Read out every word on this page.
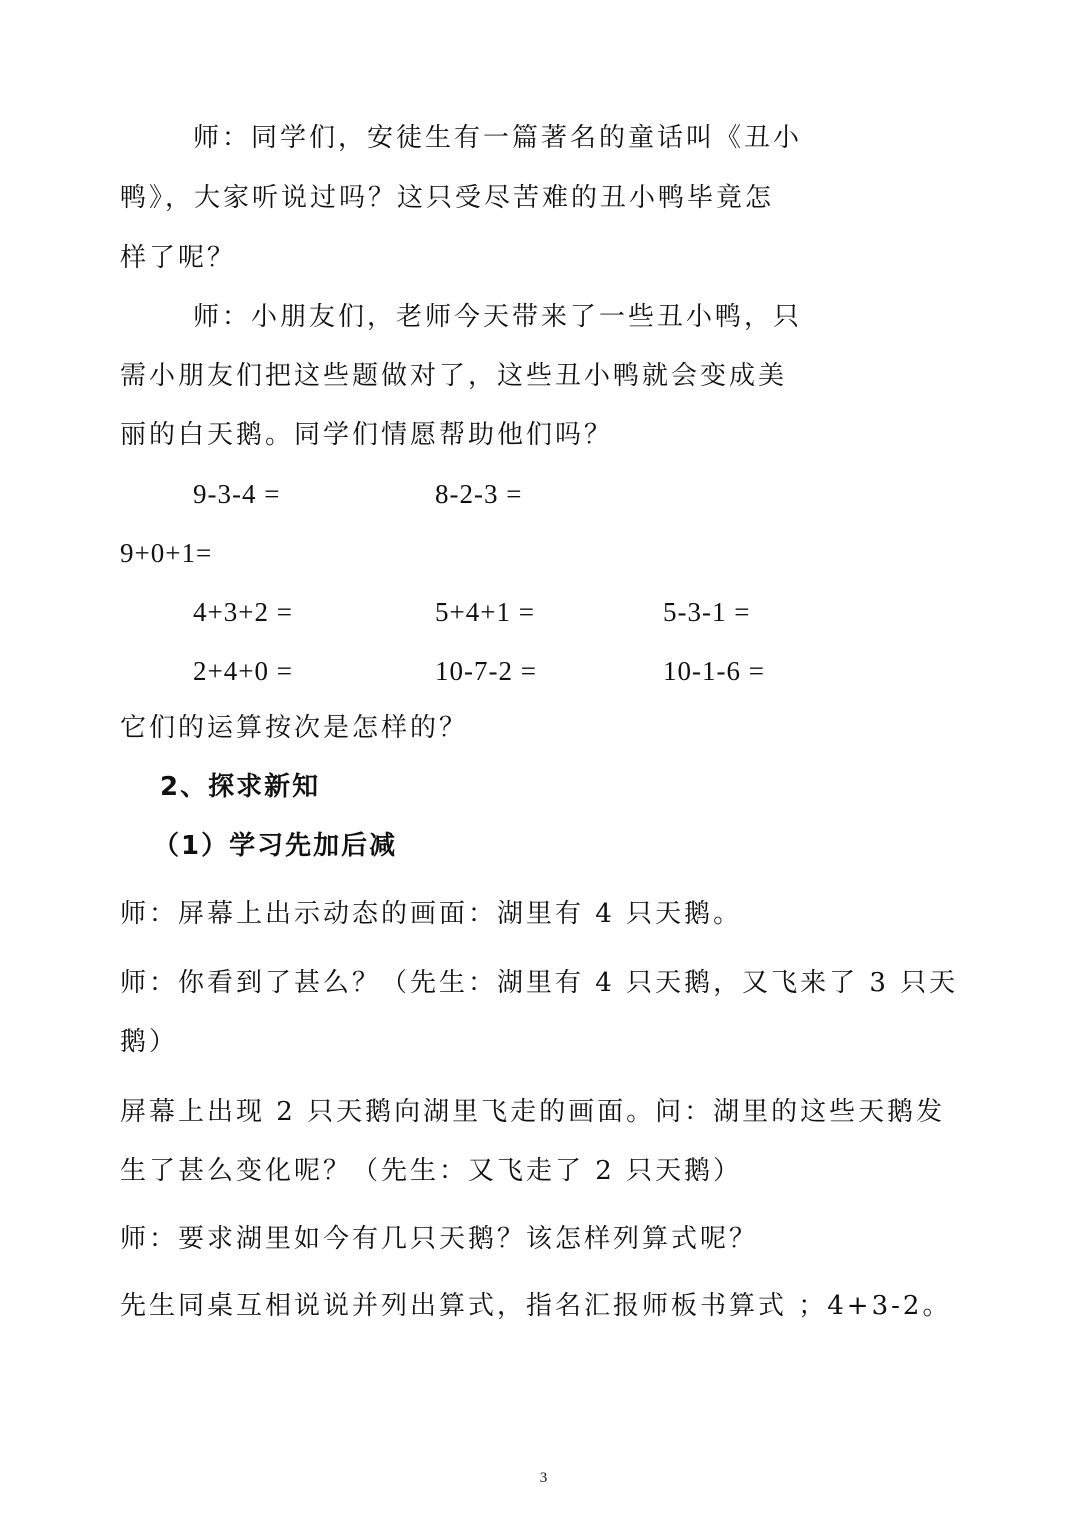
师：同学们，安徒生有一篇著名的童话叫《丑小
鸭》，大家听说过吗？这只受尽苦难的丑小鸭毕竟怎
样了呢？
师：小朋友们，老师今天带来了一些丑小鸭，只
需小朋友们把这些题做对了，这些丑小鸭就会变成美
丽的白天鹅。同学们情愿帮助他们吗？
9-3-4 =	8-2-3 =
9+0+1=
4+3+2 =	5+4+1 =	5-3-1 =
2+4+0 =	10-7-2 =	10-1-6 =
它们的运算按次是怎样的？
2、探求新知
（1）学习先加后减
师：屏幕上出示动态的画面：湖里有 4 只天鹅。
师：你看到了甚么？（先生：湖里有 4 只天鹅，又飞来了 3 只天
鹅）
屏幕上出现 2 只天鹅向湖里飞走的画面。问：湖里的这些天鹅发
生了甚么变化呢？（先生：又飞走了 2 只天鹅）
师：要求湖里如今有几只天鹅？该怎样列算式呢？
先生同桌互相说说并列出算式，指名汇报师板书算式 ；4+3-2。
3
